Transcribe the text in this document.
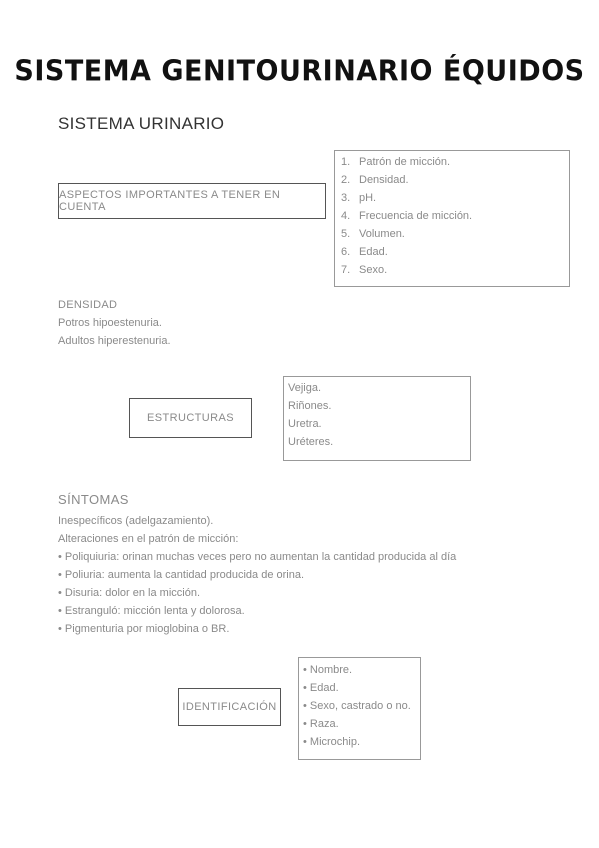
SISTEMA GENITOURINARIO ÉQUIDOS
SISTEMA URINARIO
ASPECTOS IMPORTANTES A TENER EN CUENTA
1. Patrón de micción.
2. Densidad.
3. pH.
4. Frecuencia de micción.
5. Volumen.
6. Edad.
7. Sexo.
DENSIDAD
Potros hipoestenuria.
Adultos hiperestenuria.
ESTRUCTURAS
Vejiga.
Riñones.
Uretra.
Uréteres.
SÍNTOMAS
Inespecíficos (adelgazamiento).
Alteraciones en el patrón de micción:
• Poliquiuria: orinan muchas veces pero no aumentan la cantidad producida al día
• Poliuria: aumenta la cantidad producida de orina.
• Disuria: dolor en la micción.
• Estranguló: micción lenta y dolorosa.
• Pigmenturia por mioglobina o BR.
IDENTIFICACIÓN
• Nombre.
• Edad.
• Sexo, castrado o no.
• Raza.
• Microchip.
